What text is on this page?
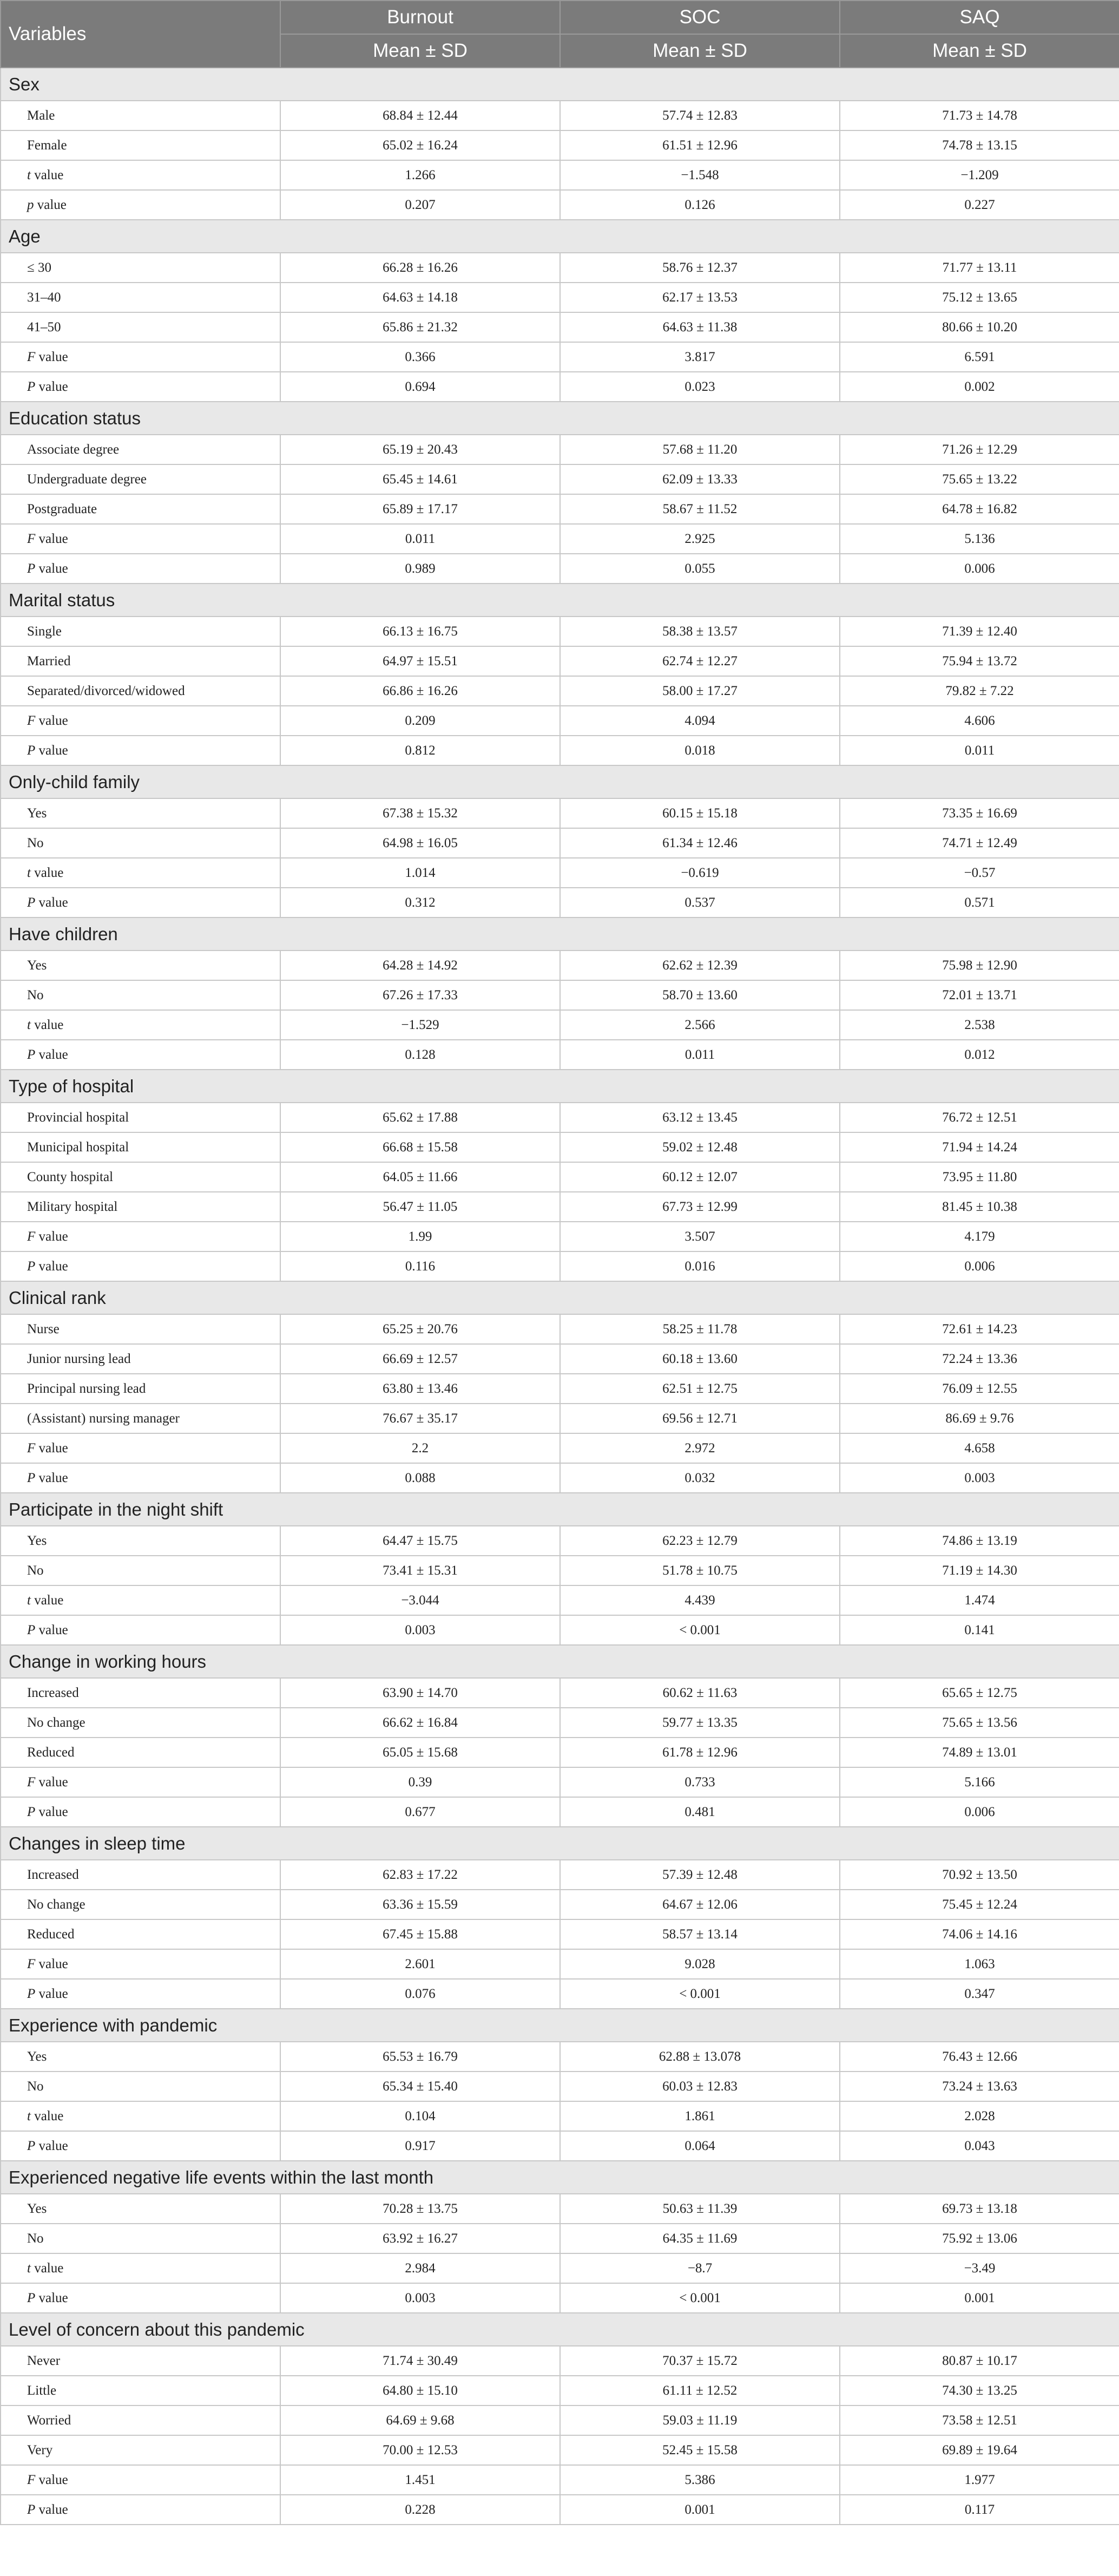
Variables	Burnout	SOC	SAQ
	Mean ± SD	Mean ± SD	Mean ± SD
Sex			
Male	68.84 ± 12.44	57.74 ± 12.83	71.73 ± 14.78
Female	65.02 ± 16.24	61.51 ± 12.96	74.78 ± 13.15
t value	1.266	−1.548	−1.209
p value	0.207	0.126	0.227
Age			
≤ 30	66.28 ± 16.26	58.76 ± 12.37	71.77 ± 13.11
31–40	64.63 ± 14.18	62.17 ± 13.53	75.12 ± 13.65
41–50	65.86 ± 21.32	64.63 ± 11.38	80.66 ± 10.20
F value	0.366	3.817	6.591
P value	0.694	0.023	0.002
Education status			
Associate degree	65.19 ± 20.43	57.68 ± 11.20	71.26 ± 12.29
Undergraduate degree	65.45 ± 14.61	62.09 ± 13.33	75.65 ± 13.22
Postgraduate	65.89 ± 17.17	58.67 ± 11.52	64.78 ± 16.82
F value	0.011	2.925	5.136
P value	0.989	0.055	0.006
Marital status			
Single	66.13 ± 16.75	58.38 ± 13.57	71.39 ± 12.40
Married	64.97 ± 15.51	62.74 ± 12.27	75.94 ± 13.72
Separated/divorced/widowed	66.86 ± 16.26	58.00 ± 17.27	79.82 ± 7.22
F value	0.209	4.094	4.606
P value	0.812	0.018	0.011
Only-child family			
Yes	67.38 ± 15.32	60.15 ± 15.18	73.35 ± 16.69
No	64.98 ± 16.05	61.34 ± 12.46	74.71 ± 12.49
t value	1.014	−0.619	−0.57
P value	0.312	0.537	0.571
Have children			
Yes	64.28 ± 14.92	62.62 ± 12.39	75.98 ± 12.90
No	67.26 ± 17.33	58.70 ± 13.60	72.01 ± 13.71
t value	−1.529	2.566	2.538
P value	0.128	0.011	0.012
Type of hospital			
Provincial hospital	65.62 ± 17.88	63.12 ± 13.45	76.72 ± 12.51
Municipal hospital	66.68 ± 15.58	59.02 ± 12.48	71.94 ± 14.24
County hospital	64.05 ± 11.66	60.12 ± 12.07	73.95 ± 11.80
Military hospital	56.47 ± 11.05	67.73 ± 12.99	81.45 ± 10.38
F value	1.99	3.507	4.179
P value	0.116	0.016	0.006
Clinical rank			
Nurse	65.25 ± 20.76	58.25 ± 11.78	72.61 ± 14.23
Junior nursing lead	66.69 ± 12.57	60.18 ± 13.60	72.24 ± 13.36
Principal nursing lead	63.80 ± 13.46	62.51 ± 12.75	76.09 ± 12.55
(Assistant) nursing manager	76.67 ± 35.17	69.56 ± 12.71	86.69 ± 9.76
F value	2.2	2.972	4.658
P value	0.088	0.032	0.003
Participate in the night shift			
Yes	64.47 ± 15.75	62.23 ± 12.79	74.86 ± 13.19
No	73.41 ± 15.31	51.78 ± 10.75	71.19 ± 14.30
t value	−3.044	4.439	1.474
P value	0.003	< 0.001	0.141
Change in working hours			
Increased	63.90 ± 14.70	60.62 ± 11.63	65.65 ± 12.75
No change	66.62 ± 16.84	59.77 ± 13.35	75.65 ± 13.56
Reduced	65.05 ± 15.68	61.78 ± 12.96	74.89 ± 13.01
F value	0.39	0.733	5.166
P value	0.677	0.481	0.006
Changes in sleep time			
Increased	62.83 ± 17.22	57.39 ± 12.48	70.92 ± 13.50
No change	63.36 ± 15.59	64.67 ± 12.06	75.45 ± 12.24
Reduced	67.45 ± 15.88	58.57 ± 13.14	74.06 ± 14.16
F value	2.601	9.028	1.063
P value	0.076	< 0.001	0.347
Experience with pandemic			
Yes	65.53 ± 16.79	62.88 ± 13.078	76.43 ± 12.66
No	65.34 ± 15.40	60.03 ± 12.83	73.24 ± 13.63
t value	0.104	1.861	2.028
P value	0.917	0.064	0.043
Experienced negative life events within the last month			
Yes	70.28 ± 13.75	50.63 ± 11.39	69.73 ± 13.18
No	63.92 ± 16.27	64.35 ± 11.69	75.92 ± 13.06
t value	2.984	−8.7	−3.49
P value	0.003	< 0.001	0.001
Level of concern about this pandemic			
Never	71.74 ± 30.49	70.37 ± 15.72	80.87 ± 10.17
Little	64.80 ± 15.10	61.11 ± 12.52	74.30 ± 13.25
Worried	64.69 ± 9.68	59.03 ± 11.19	73.58 ± 12.51
Very	70.00 ± 12.53	52.45 ± 15.58	69.89 ± 19.64
F value	1.451	5.386	1.977
P value	0.228	0.001	0.117
